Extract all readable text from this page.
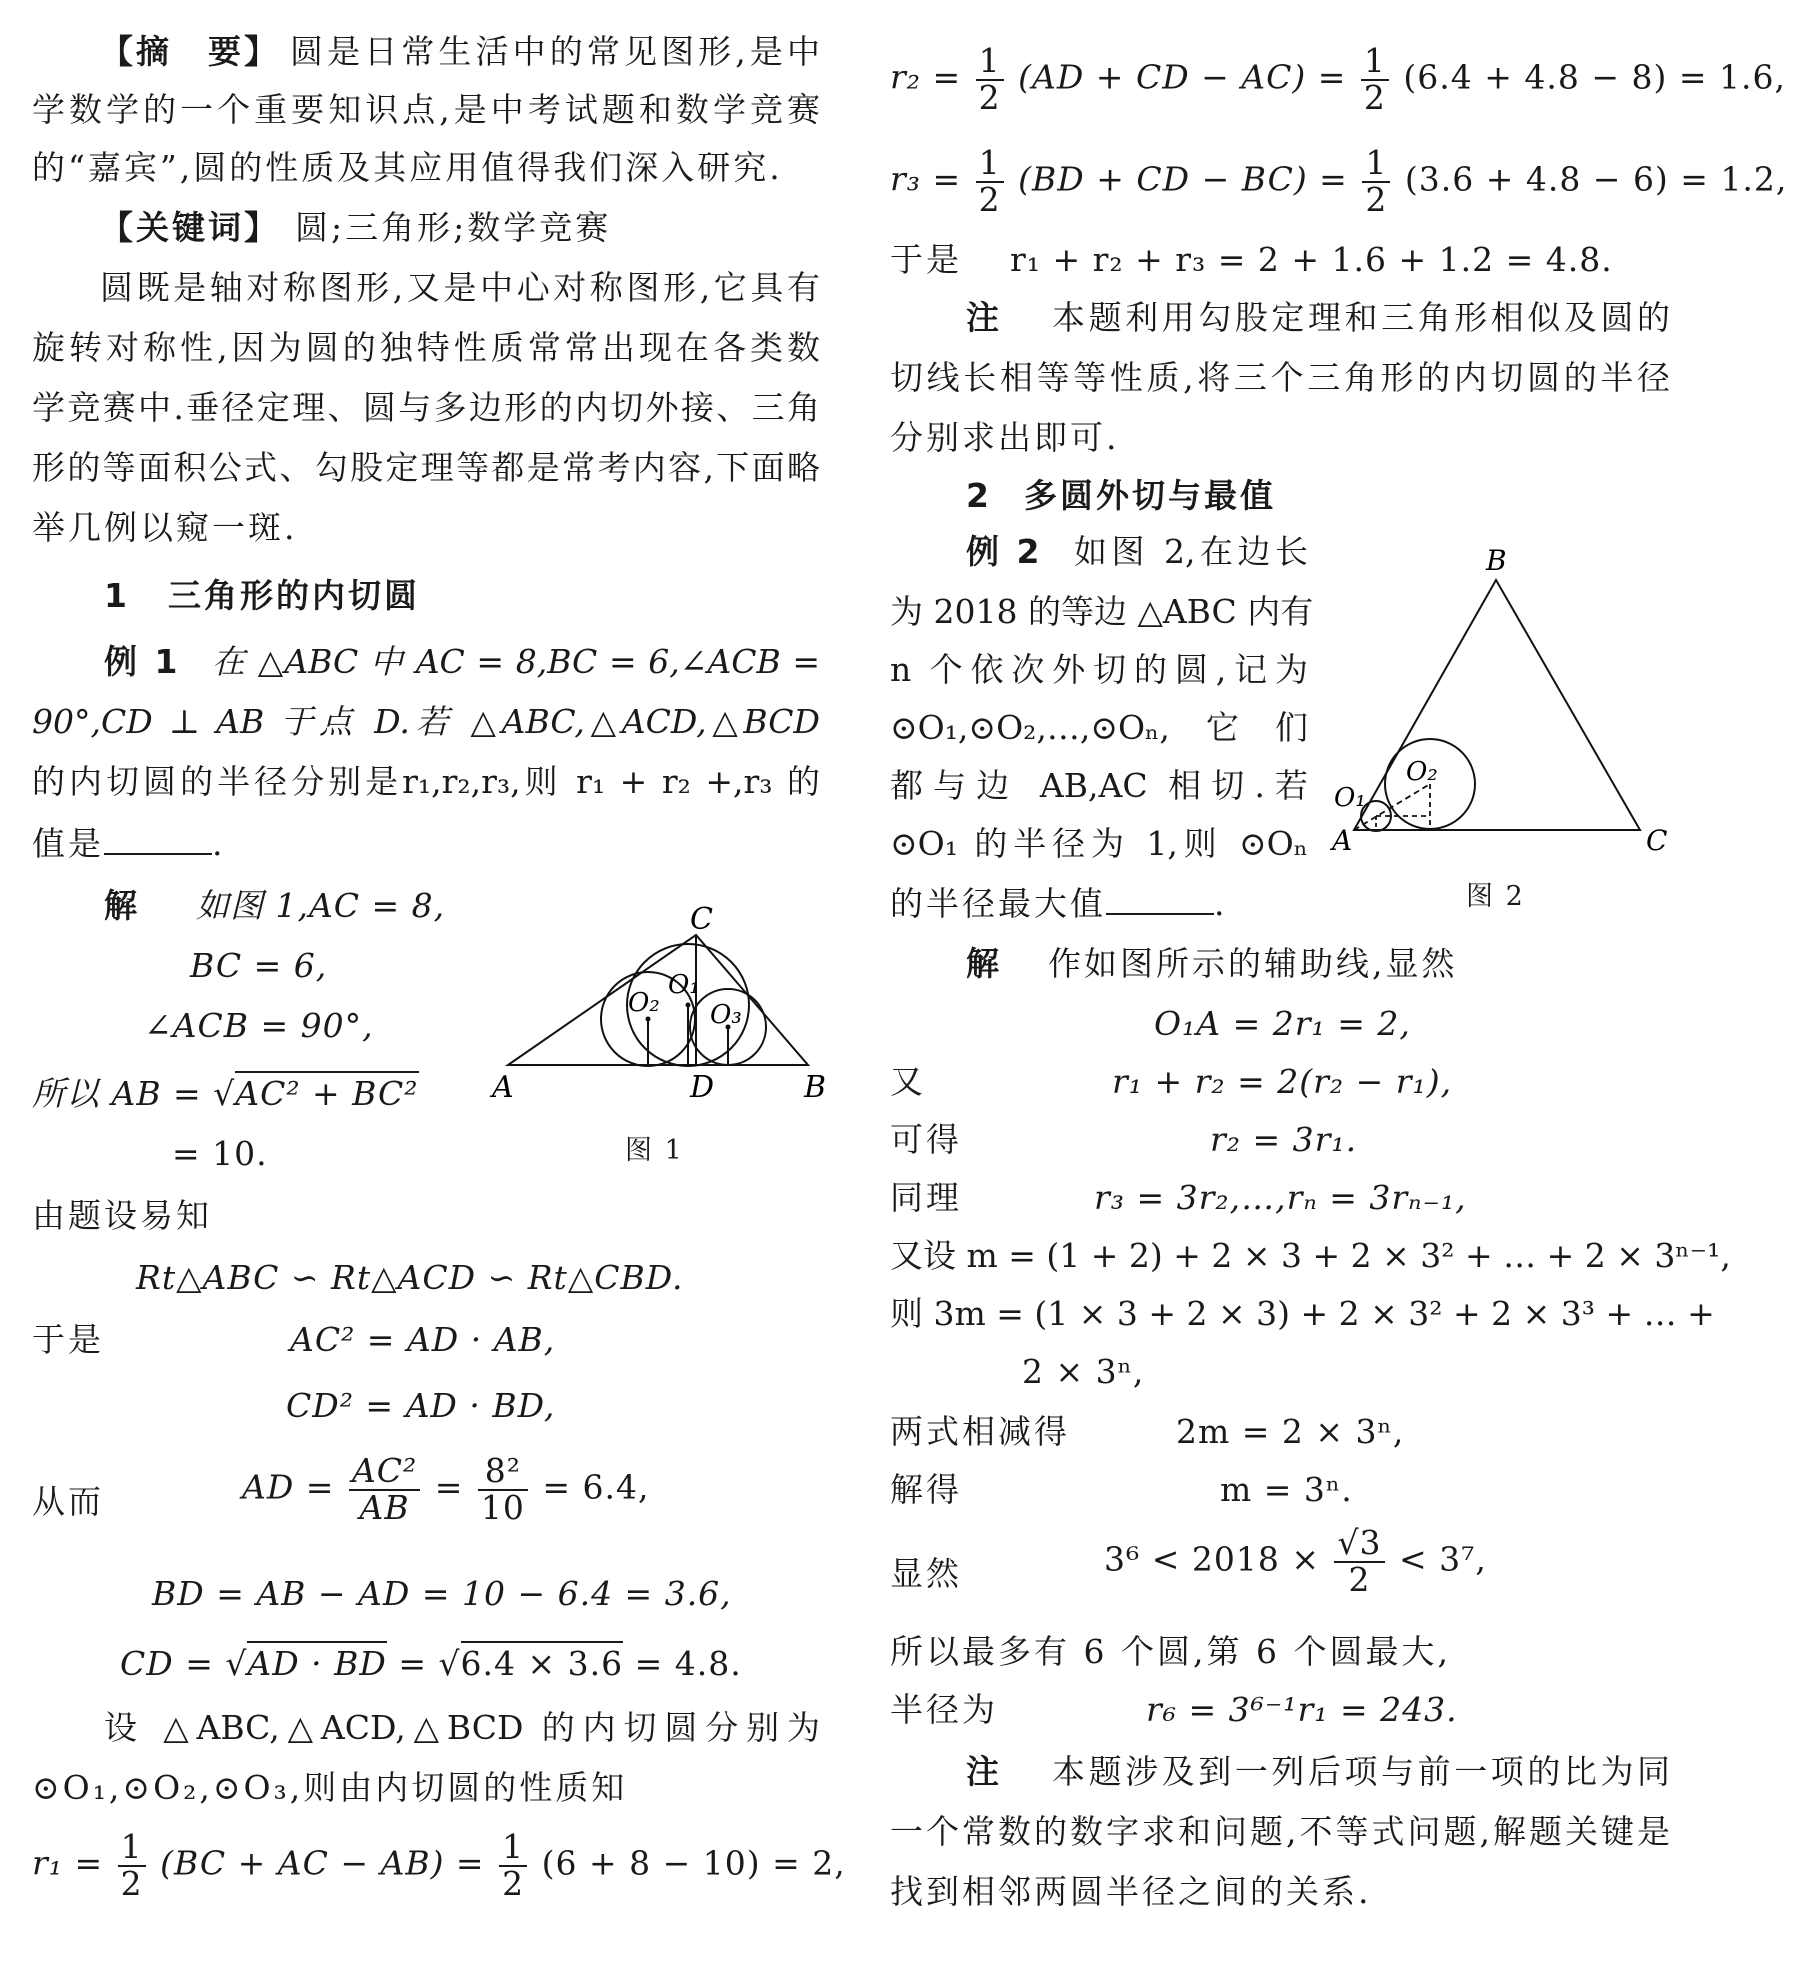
【摘　要】 圆是日常生活中的常见图形,是中
学数学的一个重要知识点,是中考试题和数学竞赛
的“嘉宾”,圆的性质及其应用值得我们深入研究.
【关键词】 圆;三角形;数学竞赛
圆既是轴对称图形,又是中心对称图形,它具有
旋转对称性,因为圆的独特性质常常出现在各类数
学竞赛中.垂径定理、圆与多边形的内切外接、三角
形的等面积公式、勾股定理等都是常考内容,下面略
举几例以窥一斑.
1 三角形的内切圆
例 1 在 △ABC 中 AC = 8,BC = 6,∠ACB =
90°,CD ⊥ AB 于点 D.若 △ABC,△ACD,△BCD
的内切圆的半径分别是r₁,r₂,r₃,则 r₁ + r₂ +,r₃ 的
值是	.
解 如图 1,AC = 8,
BC = 6,
∠ACB = 90°,
所以 AB = √AC² + BC²
= 10.
A	B
C
D
O₁
O₂ O₃
图 1
由题设易知
Rt△ABC ∽ Rt△ACD ∽ Rt△CBD.
于是	AC² = AD · AB,
CD² = AD · BD,
从而	AD = $\frac{\text{AC²}}{AB} = \frac{\text{8²}}{10} = 6.4$,
BD = AB − AD = 10 − 6.4 = 3.6,
CD = √AD · BD = √6.4 × 3.6 = 4.8.
设 △ABC,△ACD,△BCD 的内切圆分别为
⊙O₁,⊙O₂,⊙O₃,则由内切圆的性质知
$r_1 = \frac{1}{2} (BC$ + AC − $AB) = \frac{1}{2} (6 + 8 - 10) = 2$,
$r_2 = \frac{1}{2} (AD$ + CD − $AC) = \frac{1}{2} (6.4 + 4.8 - 8) = 1.6$,
$r_3 = \frac{1}{2} (BD$ + CD − $BC) = \frac{1}{2} (3.6 + 4.8 - 6) = 1.2$,
于是 r₁ + r₂ + r₃ = 2 + 1.6 + 1.2 = 4.8.
注 本题利用勾股定理和三角形相似及圆的
切线长相等等性质,将三个三角形的内切圆的半径
分别求出即可.
2 多圆外切与最值
例 2 如图 2,在边长
为 2018 的等边 △ABC 内有
n 个依次外切的圆,记为
⊙O₁,⊙O₂,…,⊙Oₙ,它们
都与边 AB,AC 相切.若
⊙O₁ 的半径为 1,则 ⊙Oₙ
的半径最大值	.
A	C
B
O₁
O₂
图 2
解 作如图所示的辅助线,显然
O₁A = 2r₁ = 2,
又	r₁ + r₂ = 2(r₂ − r₁),
可得	r₂ = 3r₁.
同理	r₃ = 3r₂,…,rₙ = 3rₙ₋₁,
又设 m = (1 + 2) + 2 × 3 + 2 × 3² + … + 2 × 3ⁿ⁻¹,
则 3m = (1 × 3 + 2 × 3) + 2 × 3² + 2 × 3³ + … +
2 × 3ⁿ,
两式相减得	2m = 2 × 3ⁿ,
解得	m = 3ⁿ.
显然	$3^6 < 2018 \times \frac{√3}{2} < 3^7$,
所以最多有 6 个圆,第 6 个圆最大,
半径为	r₆ = 3⁶⁻¹r₁ = 243.
注 本题涉及到一列后项与前一项的比为同
一个常数的数字求和问题,不等式问题,解题关键是
找到相邻两圆半径之间的关系.
